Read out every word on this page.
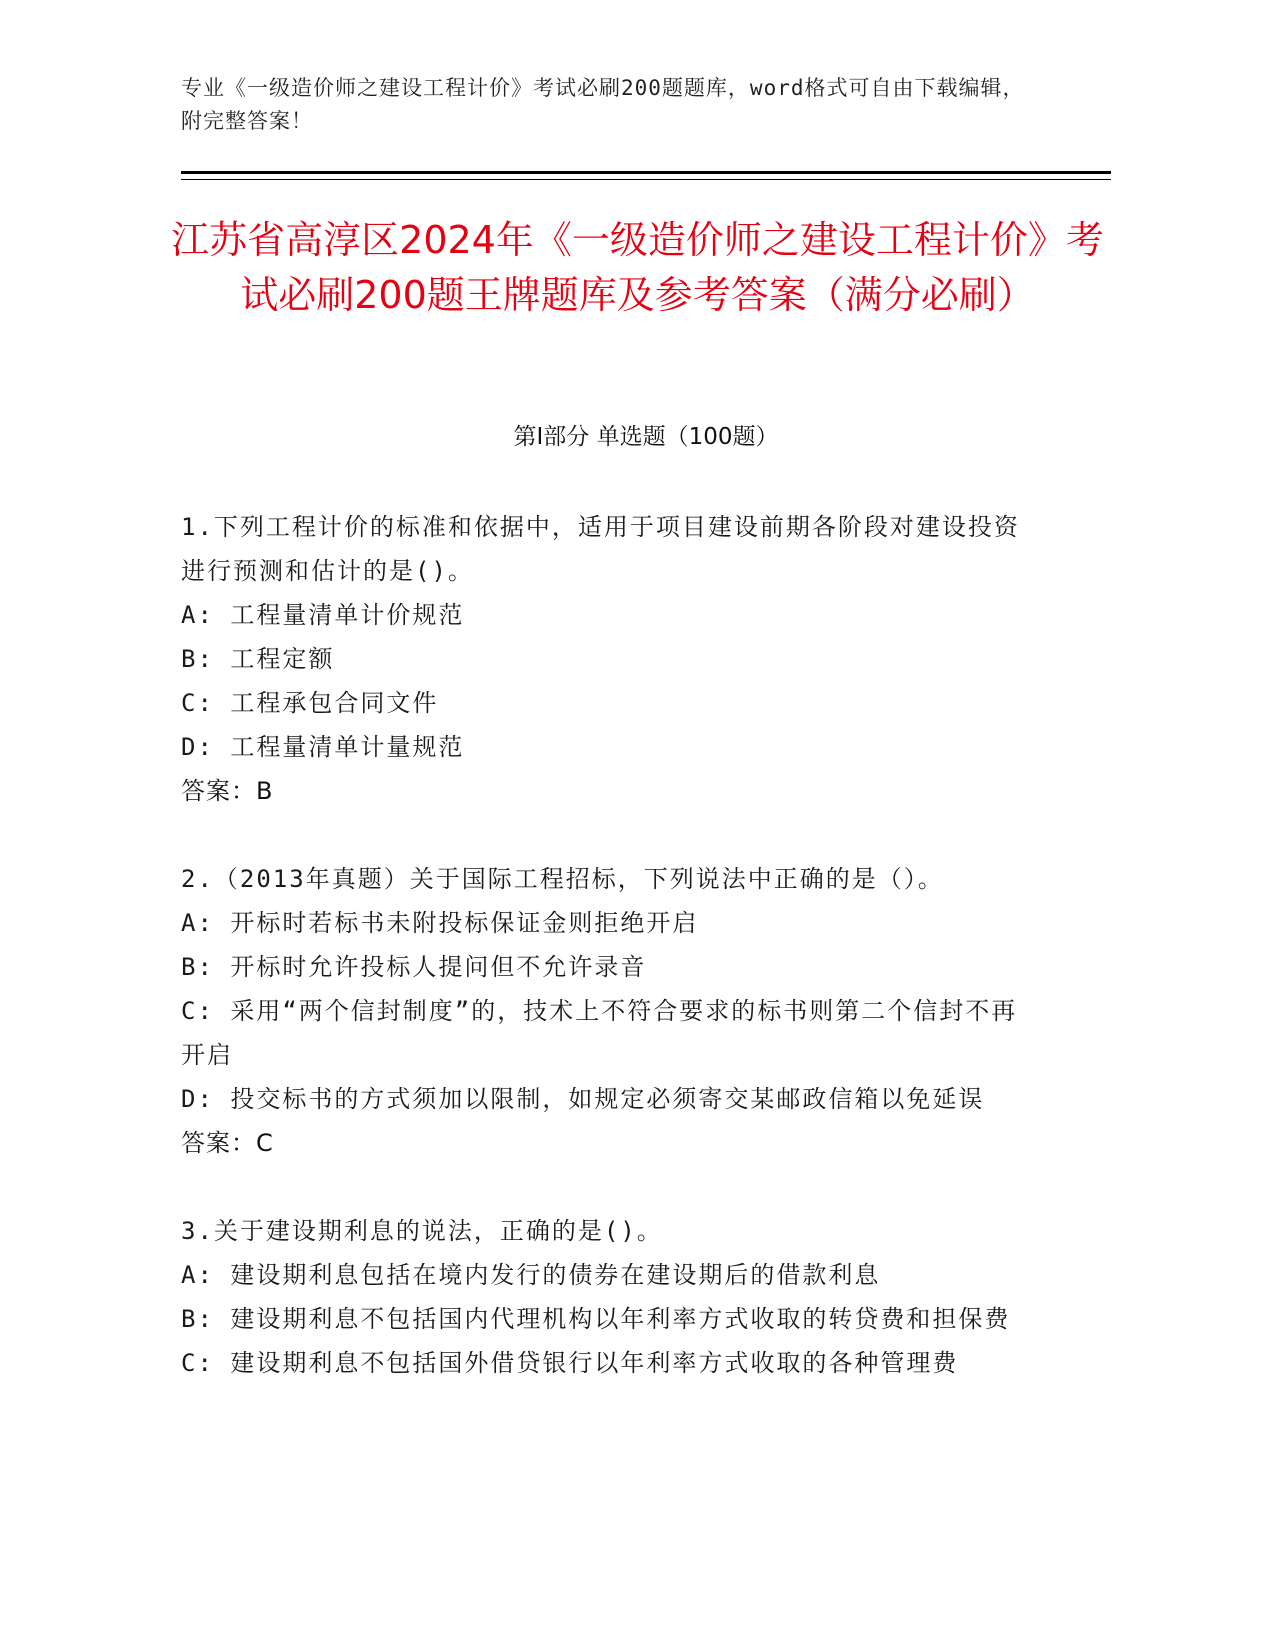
专业《一级造价师之建设工程计价》考试必刷200题题库，word格式可自由下载编辑，附完整答案！
江苏省高淳区2024年《一级造价师之建设工程计价》考试必刷200题王牌题库及参考答案（满分必刷）
第I部分 单选题（100题）
1.下列工程计价的标准和依据中，适用于项目建设前期各阶段对建设投资进行预测和估计的是()。
A: 工程量清单计价规范
B: 工程定额
C: 工程承包合同文件
D: 工程量清单计量规范
答案：B
2.（2013年真题）关于国际工程招标，下列说法中正确的是（）。
A: 开标时若标书未附投标保证金则拒绝开启
B: 开标时允许投标人提问但不允许录音
C: 采用“两个信封制度”的，技术上不符合要求的标书则第二个信封不再开启
D: 投交标书的方式须加以限制，如规定必须寄交某邮政信箱以免延误
答案：C
3.关于建设期利息的说法，正确的是()。
A: 建设期利息包括在境内发行的债券在建设期后的借款利息
B: 建设期利息不包括国内代理机构以年利率方式收取的转贷费和担保费
C: 建设期利息不包括国外借贷银行以年利率方式收取的各种管理费
